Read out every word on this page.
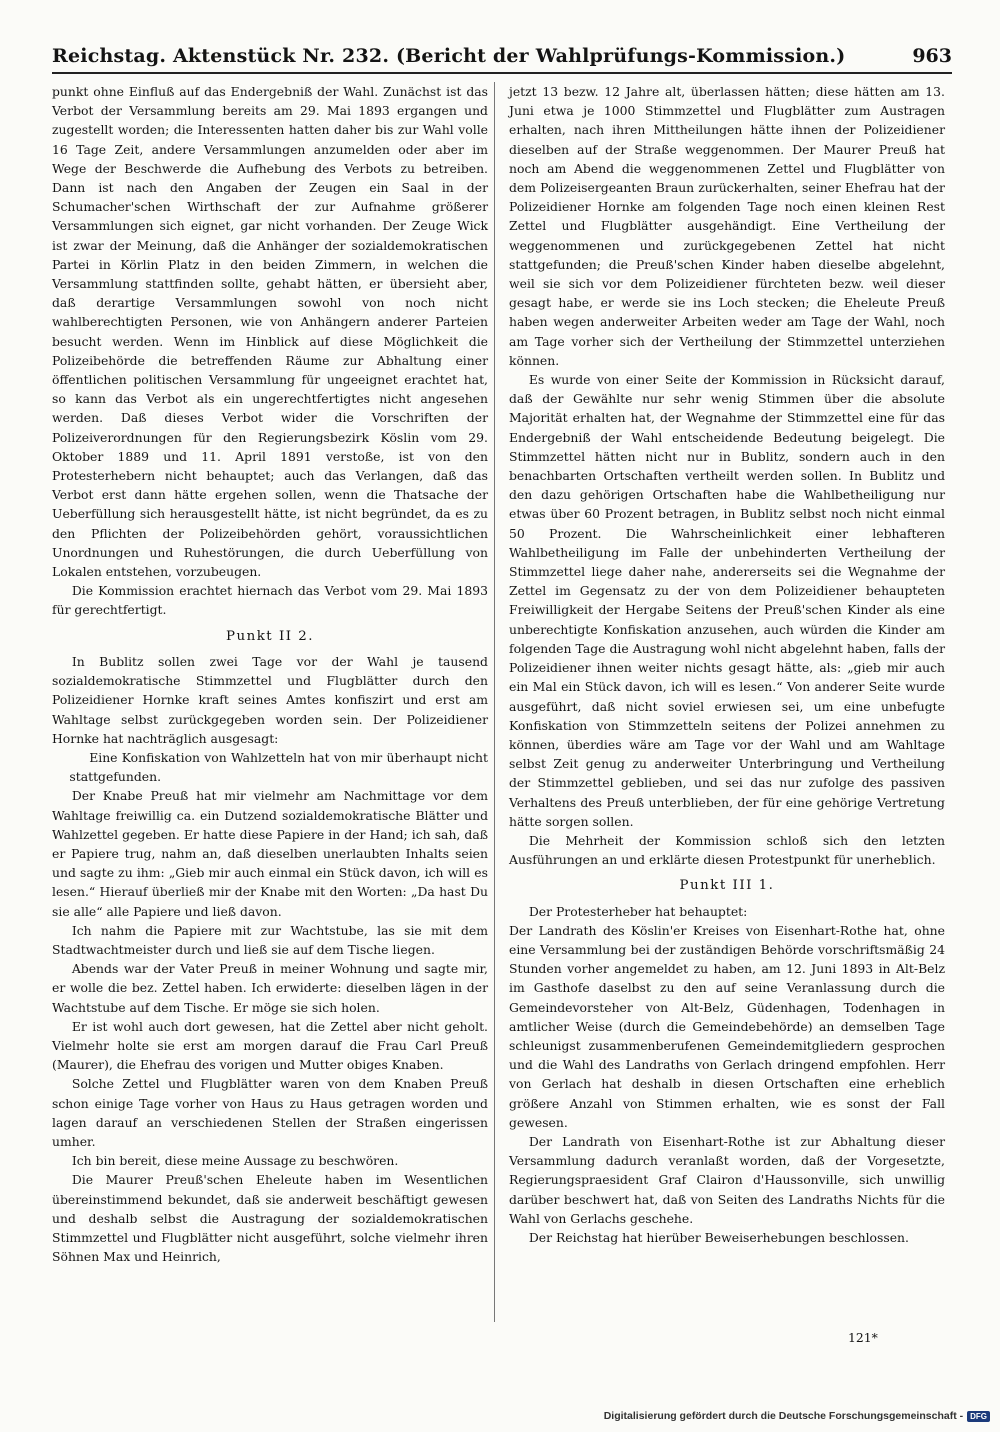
Reichstag. Aktenstück Nr. 232. (Bericht der Wahlprüfungs-Kommission.)	963

punkt ohne Einfluß auf das Endergebniß der Wahl. Zunächst ist das Verbot der Versammlung bereits am 29. Mai 1893 ergangen und zugestellt worden; die Interessenten hatten daher bis zur Wahl volle 16 Tage Zeit, andere Versammlungen anzumelden oder aber im Wege der Beschwerde die Aufhebung des Verbots zu betreiben. Dann ist nach den Angaben der Zeugen ein Saal in der Schumacher'schen Wirthschaft der zur Aufnahme größerer Versammlungen sich eignet, gar nicht vorhanden. Der Zeuge Wick ist zwar der Meinung, daß die Anhänger der sozialdemokratischen Partei in Körlin Platz in den beiden Zimmern, in welchen die Versammlung stattfinden sollte, gehabt hätten, er übersieht aber, daß derartige Versammlungen sowohl von noch nicht wahlberechtigten Personen, wie von Anhängern anderer Parteien besucht werden. Wenn im Hinblick auf diese Möglichkeit die Polizeibehörde die betreffenden Räume zur Abhaltung einer öffentlichen politischen Versammlung für ungeeignet erachtet hat, so kann das Verbot als ein ungerechtfertigtes nicht angesehen werden. Daß dieses Verbot wider die Vorschriften der Polizeiverordnungen für den Regierungsbezirk Köslin vom 29. Oktober 1889 und 11. April 1891 verstoße, ist von den Protesterhebern nicht behauptet; auch das Verlangen, daß das Verbot erst dann hätte ergehen sollen, wenn die Thatsache der Ueberfüllung sich herausgestellt hätte, ist nicht begründet, da es zu den Pflichten der Polizeibehörden gehört, voraussichtlichen Unordnungen und Ruhestörungen, die durch Ueberfüllung von Lokalen entstehen, vorzubeugen.

Die Kommission erachtet hiernach das Verbot vom 29. Mai 1893 für gerechtfertigt.

Punkt II 2.

In Bublitz sollen zwei Tage vor der Wahl je tausend sozialdemokratische Stimmzettel und Flugblätter durch den Polizeidiener Hornke kraft seines Amtes konfiszirt und erst am Wahltage selbst zurückgegeben worden sein. Der Polizeidiener Hornke hat nachträglich ausgesagt:

Eine Konfiskation von Wahlzetteln hat von mir überhaupt nicht stattgefunden.

Der Knabe Preuß hat mir vielmehr am Nachmittage vor dem Wahltage freiwillig ca. ein Dutzend sozialdemokratische Blätter und Wahlzettel gegeben. Er hatte diese Papiere in der Hand; ich sah, daß er Papiere trug, nahm an, daß dieselben unerlaubten Inhalts seien und sagte zu ihm: „Gieb mir auch einmal ein Stück davon, ich will es lesen.“ Hierauf überließ mir der Knabe mit den Worten: „Da hast Du sie alle“ alle Papiere und ließ davon.

Ich nahm die Papiere mit zur Wachtstube, las sie mit dem Stadtwachtmeister durch und ließ sie auf dem Tische liegen.

Abends war der Vater Preuß in meiner Wohnung und sagte mir, er wolle die bez. Zettel haben. Ich erwiderte: dieselben lägen in der Wachtstube auf dem Tische. Er möge sie sich holen.

Er ist wohl auch dort gewesen, hat die Zettel aber nicht geholt. Vielmehr holte sie erst am morgen darauf die Frau Carl Preuß (Maurer), die Ehefrau des vorigen und Mutter obiges Knaben.

Solche Zettel und Flugblätter waren von dem Knaben Preuß schon einige Tage vorher von Haus zu Haus getragen worden und lagen darauf an verschiedenen Stellen der Straßen eingerissen umher.

Ich bin bereit, diese meine Aussage zu beschwören.

Die Maurer Preuß'schen Eheleute haben im Wesentlichen übereinstimmend bekundet, daß sie anderweit beschäftigt gewesen und deshalb selbst die Austragung der sozialdemokratischen Stimmzettel und Flugblätter nicht ausgeführt, solche vielmehr ihren Söhnen Max und Heinrich,

jetzt 13 bezw. 12 Jahre alt, überlassen hätten; diese hätten am 13. Juni etwa je 1000 Stimmzettel und Flugblätter zum Austragen erhalten, nach ihren Mittheilungen hätte ihnen der Polizeidiener dieselben auf der Straße weggenommen. Der Maurer Preuß hat noch am Abend die weggenommenen Zettel und Flugblätter von dem Polizeisergeanten Braun zurückerhalten, seiner Ehefrau hat der Polizeidiener Hornke am folgenden Tage noch einen kleinen Rest Zettel und Flugblätter ausgehändigt. Eine Vertheilung der weggenommenen und zurückgegebenen Zettel hat nicht stattgefunden; die Preuß'schen Kinder haben dieselbe abgelehnt, weil sie sich vor dem Polizeidiener fürchteten bezw. weil dieser gesagt habe, er werde sie ins Loch stecken; die Eheleute Preuß haben wegen anderweiter Arbeiten weder am Tage der Wahl, noch am Tage vorher sich der Vertheilung der Stimmzettel unterziehen können.

Es wurde von einer Seite der Kommission in Rücksicht darauf, daß der Gewählte nur sehr wenig Stimmen über die absolute Majorität erhalten hat, der Wegnahme der Stimmzettel eine für das Endergebniß der Wahl entscheidende Bedeutung beigelegt. Die Stimmzettel hätten nicht nur in Bublitz, sondern auch in den benachbarten Ortschaften vertheilt werden sollen. In Bublitz und den dazu gehörigen Ortschaften habe die Wahlbetheiligung nur etwas über 60 Prozent betragen, in Bublitz selbst noch nicht einmal 50 Prozent. Die Wahrscheinlichkeit einer lebhafteren Wahlbetheiligung im Falle der unbehinderten Vertheilung der Stimmzettel liege daher nahe, andererseits sei die Wegnahme der Zettel im Gegensatz zu der von dem Polizeidiener behaupteten Freiwilligkeit der Hergabe Seitens der Preuß'schen Kinder als eine unberechtigte Konfiskation anzusehen, auch würden die Kinder am folgenden Tage die Austragung wohl nicht abgelehnt haben, falls der Polizeidiener ihnen weiter nichts gesagt hätte, als: „gieb mir auch ein Mal ein Stück davon, ich will es lesen.“ Von anderer Seite wurde ausgeführt, daß nicht soviel erwiesen sei, um eine unbefugte Konfiskation von Stimmzetteln seitens der Polizei annehmen zu können, überdies wäre am Tage vor der Wahl und am Wahltage selbst Zeit genug zu anderweiter Unterbringung und Vertheilung der Stimmzettel geblieben, und sei das nur zufolge des passiven Verhaltens des Preuß unterblieben, der für eine gehörige Vertretung hätte sorgen sollen.

Die Mehrheit der Kommission schloß sich den letzten Ausführungen an und erklärte diesen Protestpunkt für unerheblich.

Punkt III 1.

Der Protesterheber hat behauptet:

Der Landrath des Köslin'er Kreises von Eisenhart-Rothe hat, ohne eine Versammlung bei der zuständigen Behörde vorschriftsmäßig 24 Stunden vorher angemeldet zu haben, am 12. Juni 1893 in Alt-Belz im Gasthofe daselbst zu den auf seine Veranlassung durch die Gemeindevorsteher von Alt-Belz, Güdenhagen, Todenhagen in amtlicher Weise (durch die Gemeindebehörde) an demselben Tage schleunigst zusammenberufenen Gemeindemitgliedern gesprochen und die Wahl des Landraths von Gerlach dringend empfohlen. Herr von Gerlach hat deshalb in diesen Ortschaften eine erheblich größere Anzahl von Stimmen erhalten, wie es sonst der Fall gewesen.

Der Landrath von Eisenhart-Rothe ist zur Abhaltung dieser Versammlung dadurch veranlaßt worden, daß der Vorgesetzte, Regierungspraesident Graf Clairon d'Haussonville, sich unwillig darüber beschwert hat, daß von Seiten des Landraths Nichts für die Wahl von Gerlachs geschehe.

Der Reichstag hat hierüber Beweiserhebungen beschlossen.

121*
Digitalisierung gefördert durch die Deutsche Forschungsgemeinschaft - DFG
